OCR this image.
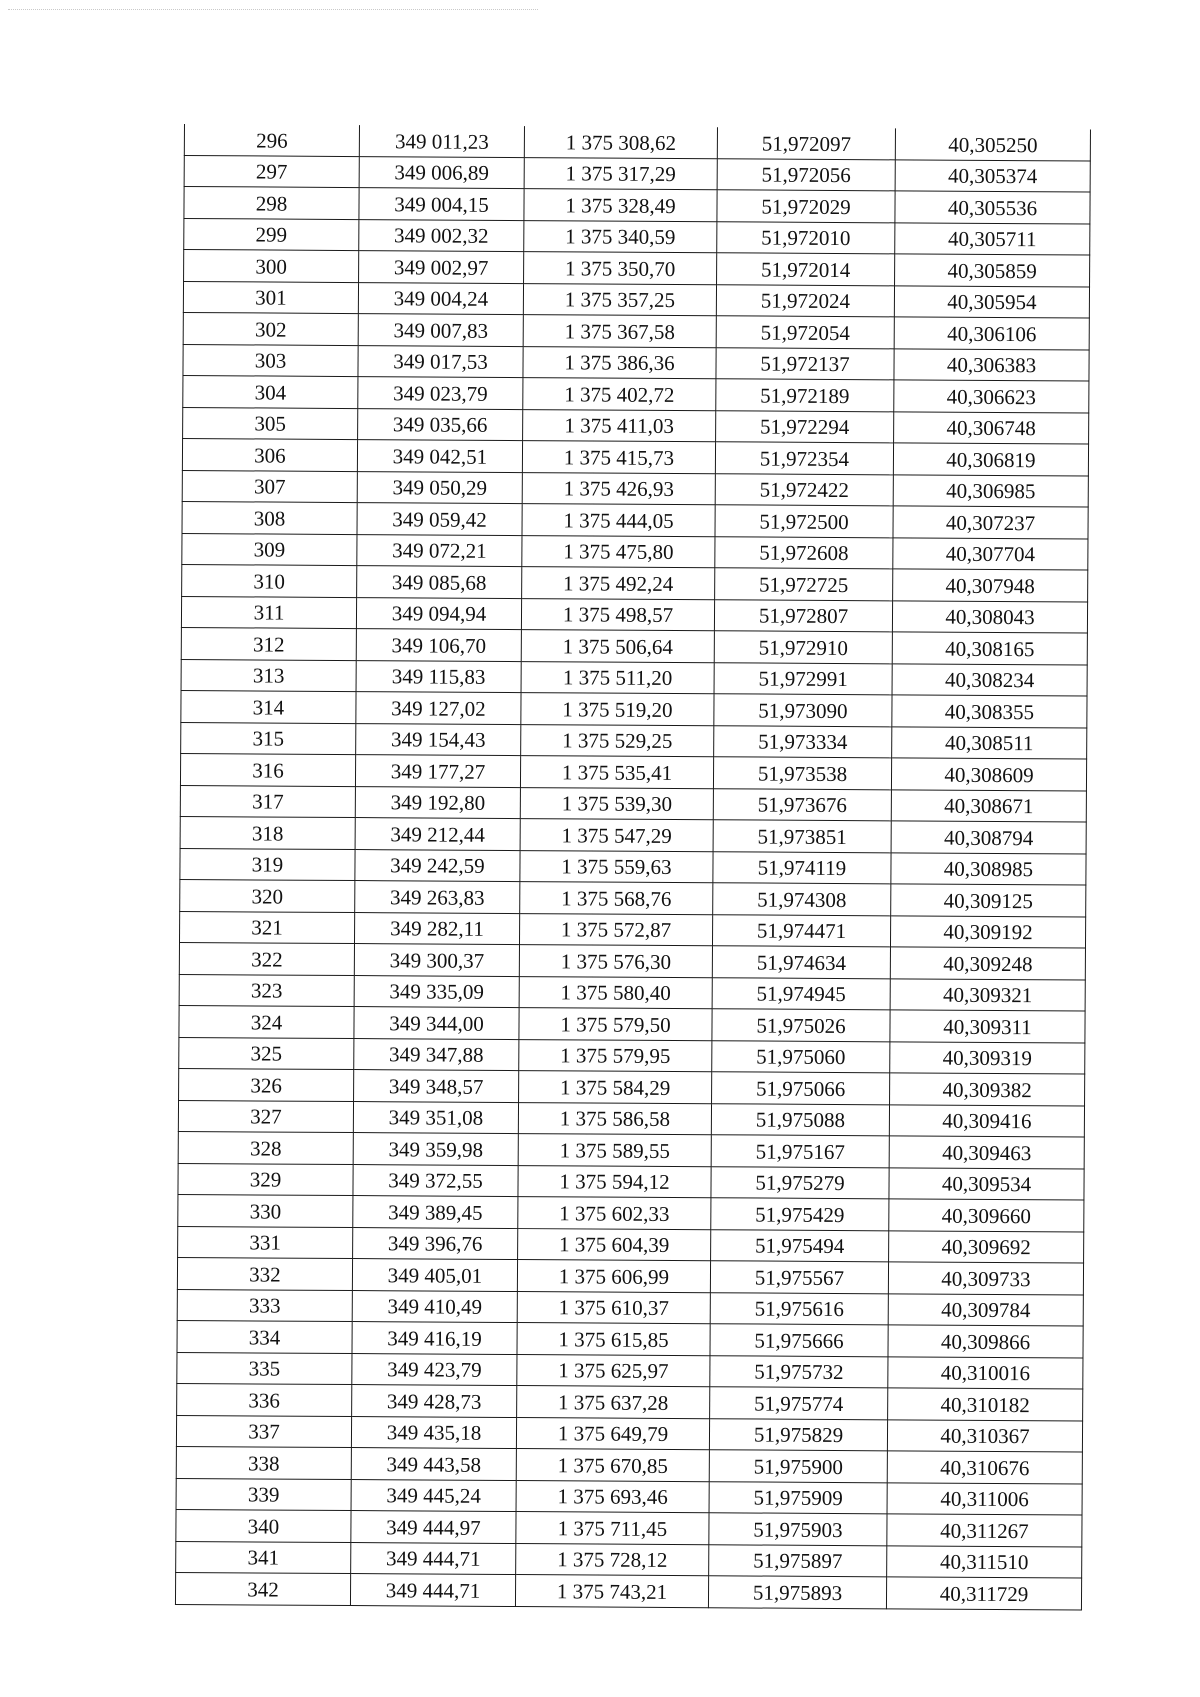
296	349 011,23	1 375 308,62	51,972097	40,305250
297	349 006,89	1 375 317,29	51,972056	40,305374
298	349 004,15	1 375 328,49	51,972029	40,305536
299	349 002,32	1 375 340,59	51,972010	40,305711
300	349 002,97	1 375 350,70	51,972014	40,305859
301	349 004,24	1 375 357,25	51,972024	40,305954
302	349 007,83	1 375 367,58	51,972054	40,306106
303	349 017,53	1 375 386,36	51,972137	40,306383
304	349 023,79	1 375 402,72	51,972189	40,306623
305	349 035,66	1 375 411,03	51,972294	40,306748
306	349 042,51	1 375 415,73	51,972354	40,306819
307	349 050,29	1 375 426,93	51,972422	40,306985
308	349 059,42	1 375 444,05	51,972500	40,307237
309	349 072,21	1 375 475,80	51,972608	40,307704
310	349 085,68	1 375 492,24	51,972725	40,307948
311	349 094,94	1 375 498,57	51,972807	40,308043
312	349 106,70	1 375 506,64	51,972910	40,308165
313	349 115,83	1 375 511,20	51,972991	40,308234
314	349 127,02	1 375 519,20	51,973090	40,308355
315	349 154,43	1 375 529,25	51,973334	40,308511
316	349 177,27	1 375 535,41	51,973538	40,308609
317	349 192,80	1 375 539,30	51,973676	40,308671
318	349 212,44	1 375 547,29	51,973851	40,308794
319	349 242,59	1 375 559,63	51,974119	40,308985
320	349 263,83	1 375 568,76	51,974308	40,309125
321	349 282,11	1 375 572,87	51,974471	40,309192
322	349 300,37	1 375 576,30	51,974634	40,309248
323	349 335,09	1 375 580,40	51,974945	40,309321
324	349 344,00	1 375 579,50	51,975026	40,309311
325	349 347,88	1 375 579,95	51,975060	40,309319
326	349 348,57	1 375 584,29	51,975066	40,309382
327	349 351,08	1 375 586,58	51,975088	40,309416
328	349 359,98	1 375 589,55	51,975167	40,309463
329	349 372,55	1 375 594,12	51,975279	40,309534
330	349 389,45	1 375 602,33	51,975429	40,309660
331	349 396,76	1 375 604,39	51,975494	40,309692
332	349 405,01	1 375 606,99	51,975567	40,309733
333	349 410,49	1 375 610,37	51,975616	40,309784
334	349 416,19	1 375 615,85	51,975666	40,309866
335	349 423,79	1 375 625,97	51,975732	40,310016
336	349 428,73	1 375 637,28	51,975774	40,310182
337	349 435,18	1 375 649,79	51,975829	40,310367
338	349 443,58	1 375 670,85	51,975900	40,310676
339	349 445,24	1 375 693,46	51,975909	40,311006
340	349 444,97	1 375 711,45	51,975903	40,311267
341	349 444,71	1 375 728,12	51,975897	40,311510
342	349 444,71	1 375 743,21	51,975893	40,311729
